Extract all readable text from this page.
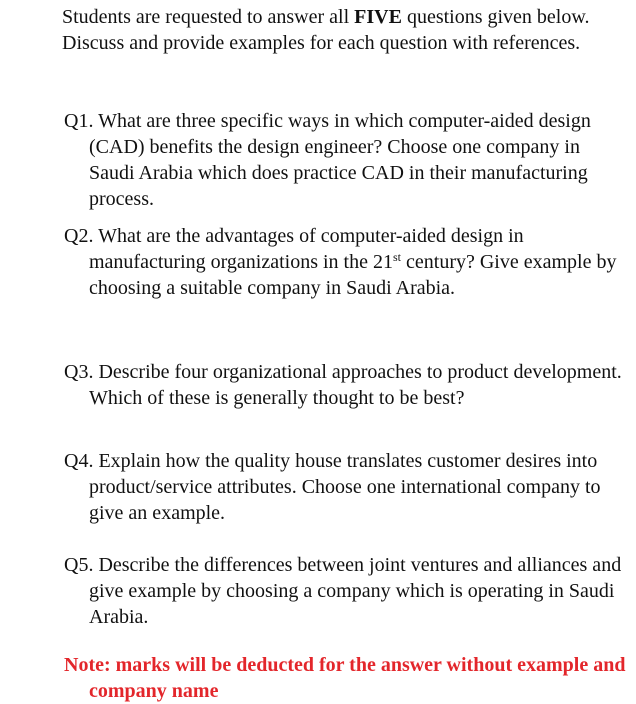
Students are requested to answer all FIVE questions given below. Discuss and provide examples for each question with references.

Q1. What are three specific ways in which computer-aided design (CAD) benefits the design engineer? Choose one company in Saudi Arabia which does practice CAD in their manufacturing process.

Q2. What are the advantages of computer-aided design in manufacturing organizations in the 21st century? Give example by choosing a suitable company in Saudi Arabia.

Q3. Describe four organizational approaches to product development. Which of these is generally thought to be best?

Q4. Explain how the quality house translates customer desires into product/service attributes. Choose one international company to give an example.

Q5. Describe the differences between joint ventures and alliances and give example by choosing a company which is operating in Saudi Arabia.

Note: marks will be deducted for the answer without example and company name
